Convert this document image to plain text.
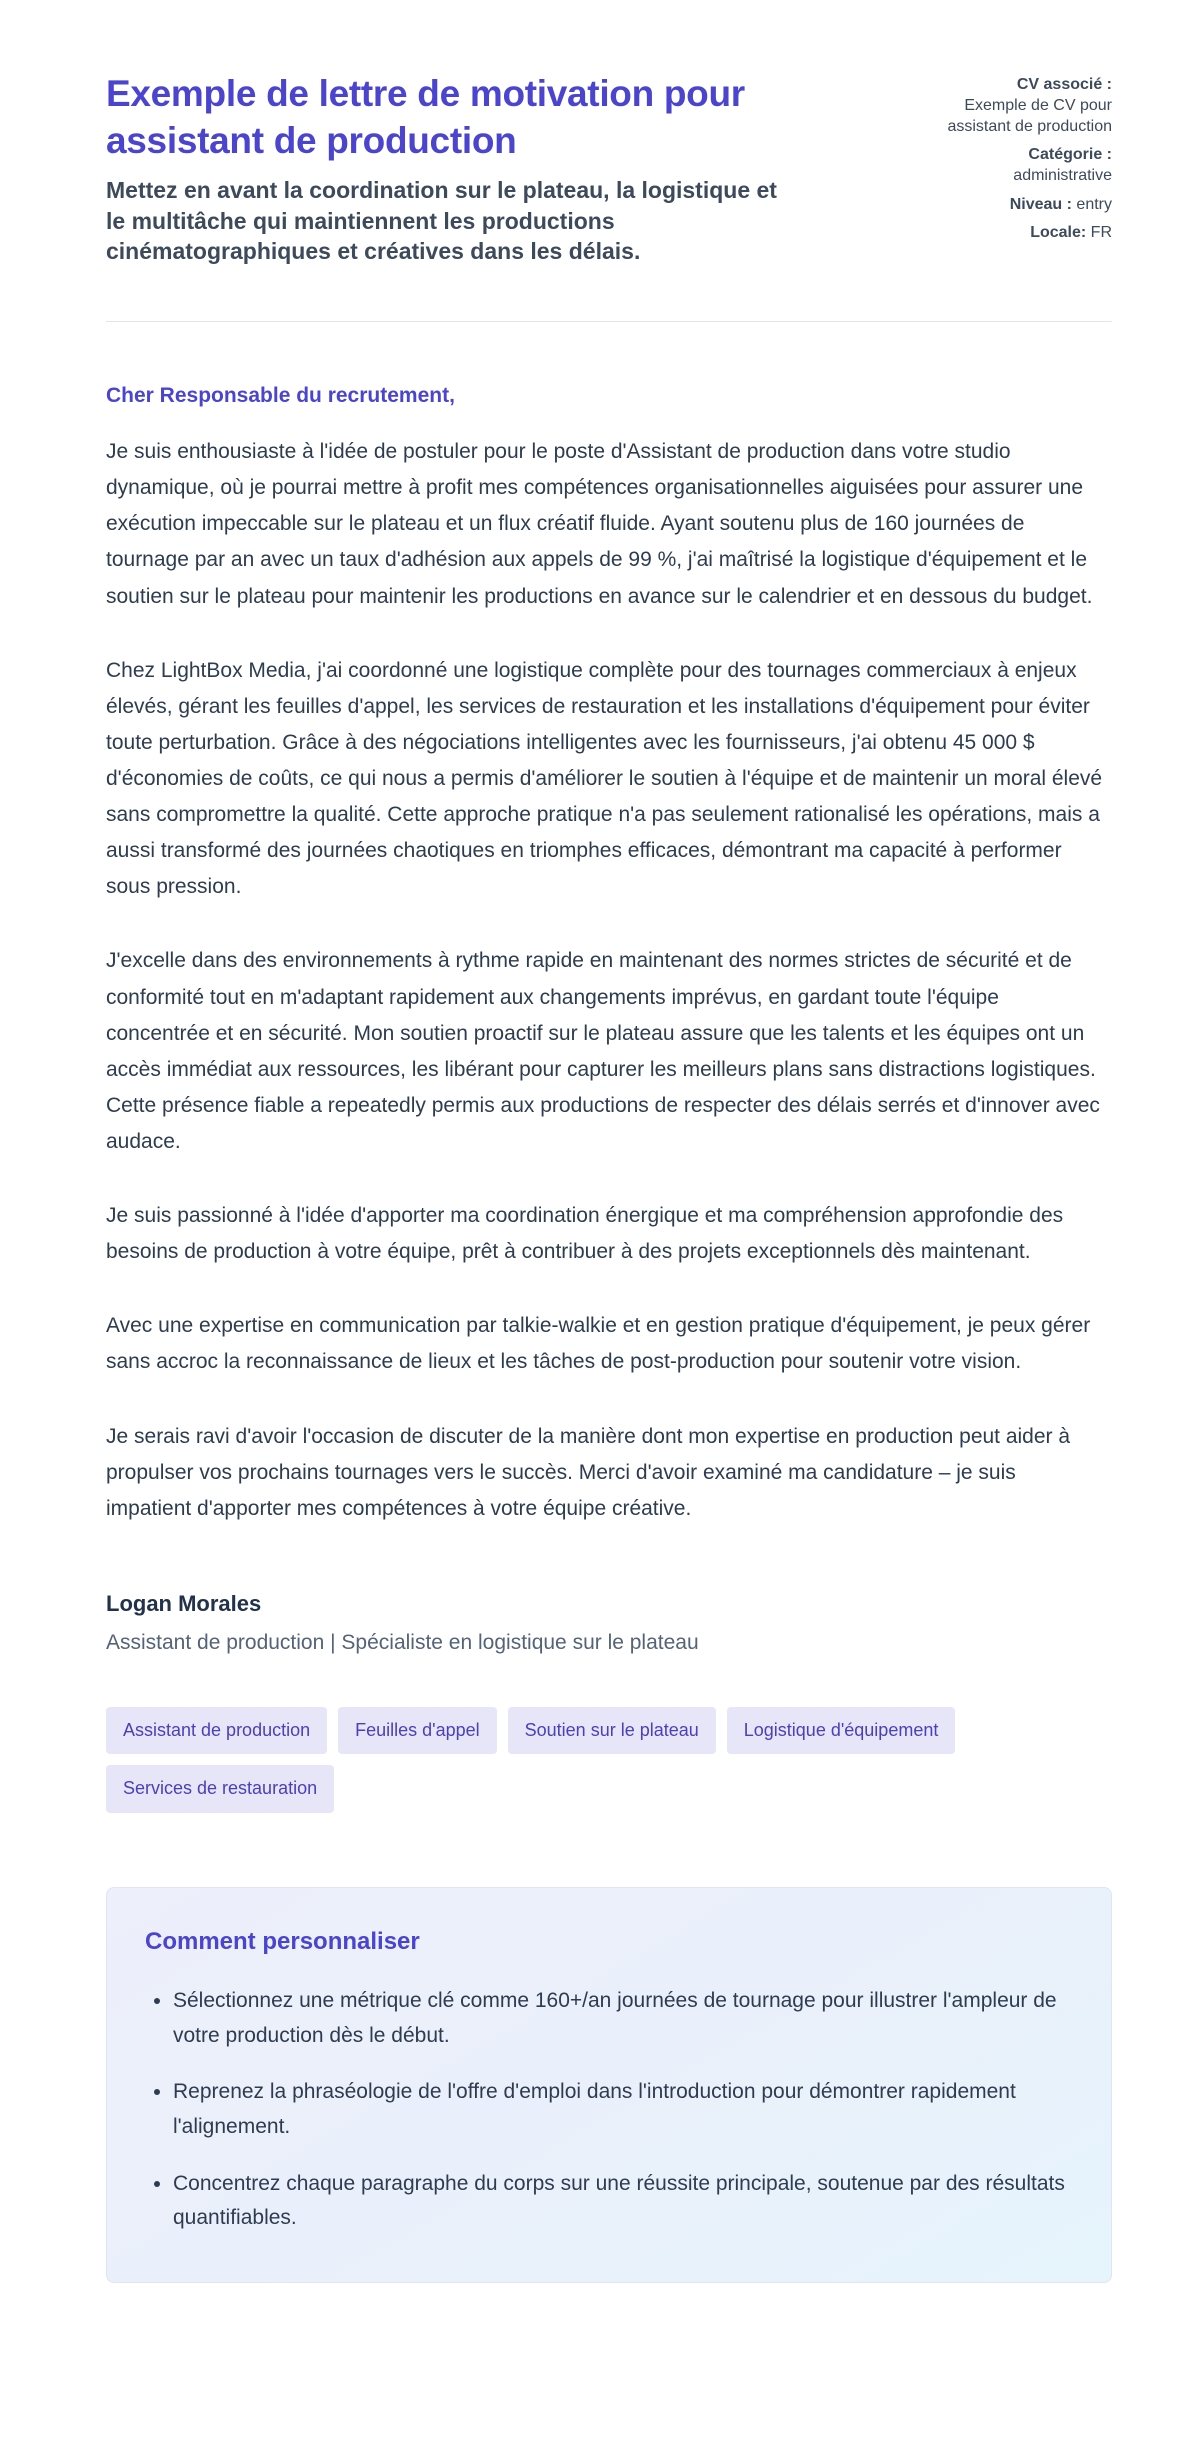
Exemple de lettre de motivation pour assistant de production

Mettez en avant la coordination sur le plateau, la logistique et le multitâche qui maintiennent les productions cinématographiques et créatives dans les délais.

CV associé :
Exemple de CV pour assistant de production
Catégorie :
administrative
Niveau : entry
Locale: FR

Cher Responsable du recrutement,

Je suis enthousiaste à l'idée de postuler pour le poste d'Assistant de production dans votre studio dynamique, où je pourrai mettre à profit mes compétences organisationnelles aiguisées pour assurer une exécution impeccable sur le plateau et un flux créatif fluide. Ayant soutenu plus de 160 journées de tournage par an avec un taux d'adhésion aux appels de 99 %, j'ai maîtrisé la logistique d'équipement et le soutien sur le plateau pour maintenir les productions en avance sur le calendrier et en dessous du budget.

Chez LightBox Media, j'ai coordonné une logistique complète pour des tournages commerciaux à enjeux élevés, gérant les feuilles d'appel, les services de restauration et les installations d'équipement pour éviter toute perturbation. Grâce à des négociations intelligentes avec les fournisseurs, j'ai obtenu 45 000 $ d'économies de coûts, ce qui nous a permis d'améliorer le soutien à l'équipe et de maintenir un moral élevé sans compromettre la qualité. Cette approche pratique n'a pas seulement rationalisé les opérations, mais a aussi transformé des journées chaotiques en triomphes efficaces, démontrant ma capacité à performer sous pression.

J'excelle dans des environnements à rythme rapide en maintenant des normes strictes de sécurité et de conformité tout en m'adaptant rapidement aux changements imprévus, en gardant toute l'équipe concentrée et en sécurité. Mon soutien proactif sur le plateau assure que les talents et les équipes ont un accès immédiat aux ressources, les libérant pour capturer les meilleurs plans sans distractions logistiques. Cette présence fiable a repeatedly permis aux productions de respecter des délais serrés et d'innover avec audace.

Je suis passionné à l'idée d'apporter ma coordination énergique et ma compréhension approfondie des besoins de production à votre équipe, prêt à contribuer à des projets exceptionnels dès maintenant.

Avec une expertise en communication par talkie-walkie et en gestion pratique d'équipement, je peux gérer sans accroc la reconnaissance de lieux et les tâches de post-production pour soutenir votre vision.

Je serais ravi d'avoir l'occasion de discuter de la manière dont mon expertise en production peut aider à propulser vos prochains tournages vers le succès. Merci d'avoir examiné ma candidature – je suis impatient d'apporter mes compétences à votre équipe créative.

Logan Morales

Assistant de production | Spécialiste en logistique sur le plateau

Assistant de production	Feuilles d'appel	Soutien sur le plateau	Logistique d'équipement
Services de restauration
Comment personnaliser
• Sélectionnez une métrique clé comme 160+/an journées de tournage pour illustrer l'ampleur de votre production dès le début.
• Reprenez la phraséologie de l'offre d'emploi dans l'introduction pour démontrer rapidement l'alignement.
• Concentrez chaque paragraphe du corps sur une réussite principale, soutenue par des résultats quantifiables.
